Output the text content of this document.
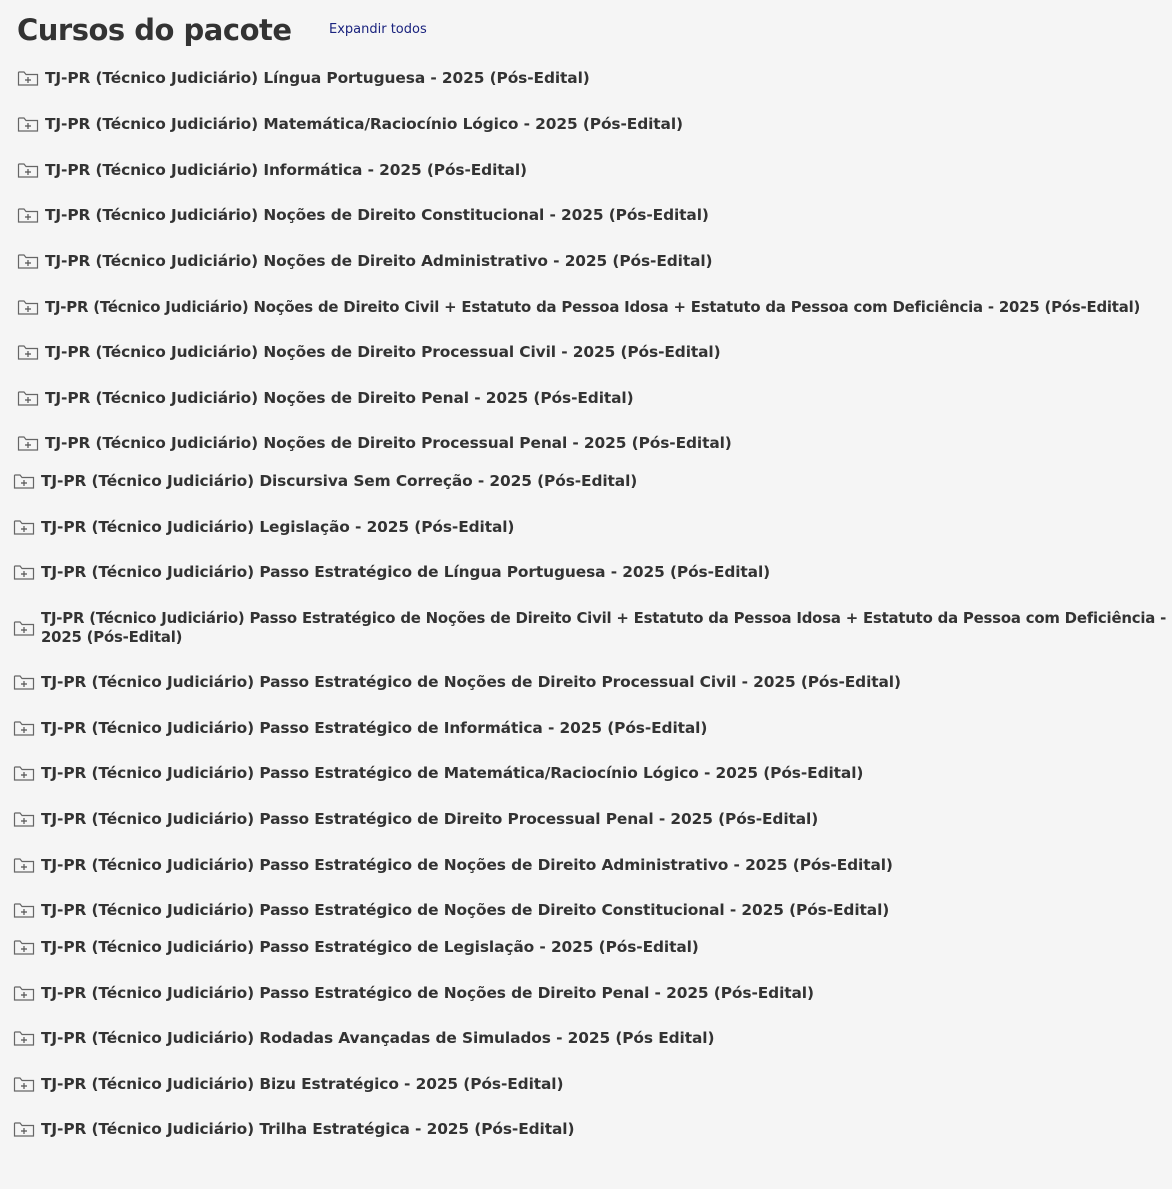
Cursos do pacote	Expandir todos
TJ-PR (Técnico Judiciário) Língua Portuguesa - 2025 (Pós-Edital)
TJ-PR (Técnico Judiciário) Matemática/Raciocínio Lógico - 2025 (Pós-Edital)
TJ-PR (Técnico Judiciário) Informática - 2025 (Pós-Edital)
TJ-PR (Técnico Judiciário) Noções de Direito Constitucional - 2025 (Pós-Edital)
TJ-PR (Técnico Judiciário) Noções de Direito Administrativo - 2025 (Pós-Edital)
TJ-PR (Técnico Judiciário) Noções de Direito Civil + Estatuto da Pessoa Idosa + Estatuto da Pessoa com Deficiência - 2025 (Pós-Edital)
TJ-PR (Técnico Judiciário) Noções de Direito Processual Civil - 2025 (Pós-Edital)
TJ-PR (Técnico Judiciário) Noções de Direito Penal - 2025 (Pós-Edital)
TJ-PR (Técnico Judiciário) Noções de Direito Processual Penal - 2025 (Pós-Edital)
TJ-PR (Técnico Judiciário) Discursiva Sem Correção - 2025 (Pós-Edital)
TJ-PR (Técnico Judiciário) Legislação - 2025 (Pós-Edital)
TJ-PR (Técnico Judiciário) Passo Estratégico de Língua Portuguesa - 2025 (Pós-Edital)
TJ-PR (Técnico Judiciário) Passo Estratégico de Noções de Direito Civil + Estatuto da Pessoa Idosa + Estatuto da Pessoa com Deficiência - 2025 (Pós-Edital)
TJ-PR (Técnico Judiciário) Passo Estratégico de Noções de Direito Processual Civil - 2025 (Pós-Edital)
TJ-PR (Técnico Judiciário) Passo Estratégico de Informática - 2025 (Pós-Edital)
TJ-PR (Técnico Judiciário) Passo Estratégico de Matemática/Raciocínio Lógico - 2025 (Pós-Edital)
TJ-PR (Técnico Judiciário) Passo Estratégico de Direito Processual Penal - 2025 (Pós-Edital)
TJ-PR (Técnico Judiciário) Passo Estratégico de Noções de Direito Administrativo - 2025 (Pós-Edital)
TJ-PR (Técnico Judiciário) Passo Estratégico de Noções de Direito Constitucional - 2025 (Pós-Edital)
TJ-PR (Técnico Judiciário) Passo Estratégico de Legislação - 2025 (Pós-Edital)
TJ-PR (Técnico Judiciário) Passo Estratégico de Noções de Direito Penal - 2025 (Pós-Edital)
TJ-PR (Técnico Judiciário) Rodadas Avançadas de Simulados - 2025 (Pós Edital)
TJ-PR (Técnico Judiciário) Bizu Estratégico - 2025 (Pós-Edital)
TJ-PR (Técnico Judiciário) Trilha Estratégica - 2025 (Pós-Edital)
